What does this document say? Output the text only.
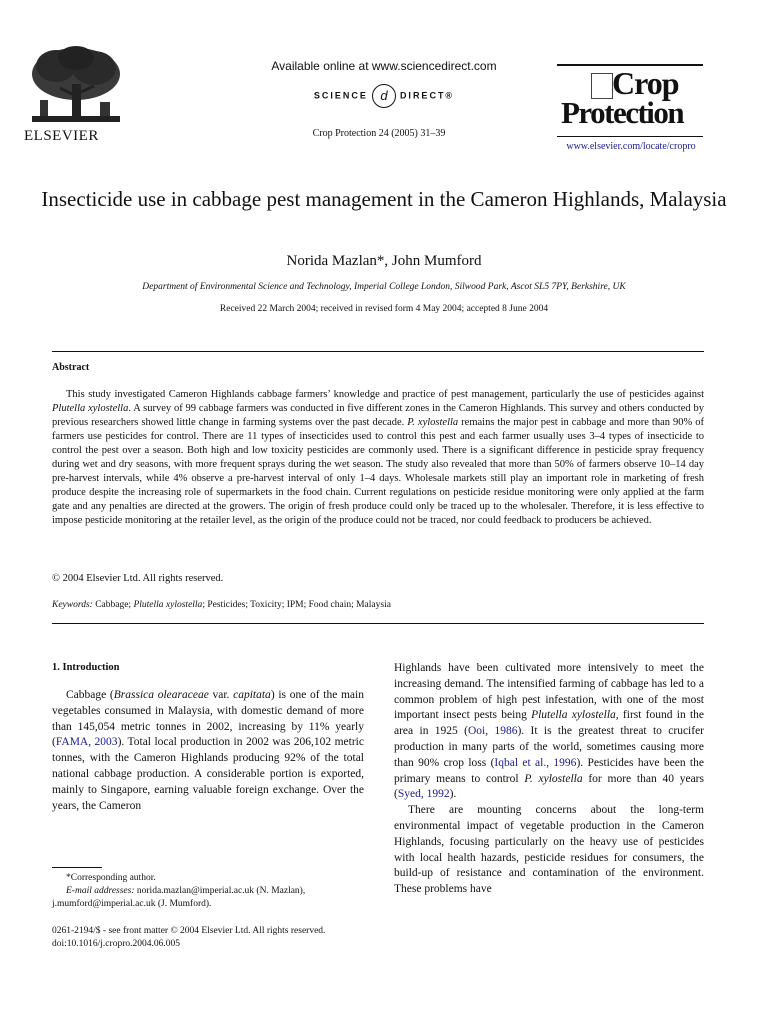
ELSEVIER
Available online at www.sciencedirect.com
SCIENCE d DIRECT®
Crop Protection 24 (2005) 31–39
Crop
Protection
www.elsevier.com/locate/cropro
Insecticide use in cabbage pest management in the Cameron Highlands, Malaysia
Norida Mazlan*, John Mumford
Department of Environmental Science and Technology, Imperial College London, Silwood Park, Ascot SL5 7PY, Berkshire, UK
Received 22 March 2004; received in revised form 4 May 2004; accepted 8 June 2004
Abstract

This study investigated Cameron Highlands cabbage farmers’ knowledge and practice of pest management, particularly the use of pesticides against Plutella xylostella. A survey of 99 cabbage farmers was conducted in five different zones in the Cameron Highlands. This survey and others conducted by previous researchers showed little change in farming systems over the past decade. P. xylostella remains the major pest in cabbage and more than 90% of farmers use pesticides for control. There are 11 types of insecticides used to control this pest and each farmer usually uses 3–4 types of insecticide to control the pest over a season. Both high and low toxicity pesticides are commonly used. There is a significant difference in pesticide spray frequency during wet and dry seasons, with more frequent sprays during the wet season. The study also revealed that more than 50% of farmers observe 10–14 day pre-harvest intervals, while 4% observe a pre-harvest interval of only 1–4 days. Wholesale markets still play an important role in marketing of fresh produce despite the increasing role of supermarkets in the food chain. Current regulations on pesticide residue monitoring were only applied at the farm gate and any penalties are directed at the growers. The origin of fresh produce could only be traced up to the wholesaler. Therefore, it is less effective to impose pesticide monitoring at the retailer level, as the origin of the produce could not be traced, nor could feedback to producers be achieved.

© 2004 Elsevier Ltd. All rights reserved.
Keywords: Cabbage; Plutella xylostella; Pesticides; Toxicity; IPM; Food chain; Malaysia
1. Introduction

Cabbage (Brassica olearaceae var. capitata) is one of the main vegetables consumed in Malaysia, with domestic demand of more than 145,054 metric tonnes in 2002, increasing by 11% yearly (FAMA, 2003). Total local production in 2002 was 206,102 metric tonnes, with the Cameron Highlands producing 92% of the total national cabbage production. A considerable portion is exported, mainly to Singapore, earning valuable foreign exchange. Over the years, the Cameron

Highlands have been cultivated more intensively to meet the increasing demand. The intensified farming of cabbage has led to a common problem of high pest infestation, with one of the most important insect pests being Plutella xylostella, first found in the area in 1925 (Ooi, 1986). It is the greatest threat to crucifer production in many parts of the world, sometimes causing more than 90% crop loss (Iqbal et al., 1996). Pesticides have been the primary means to control P. xylostella for more than 40 years (Syed, 1992).

There are mounting concerns about the long-term environmental impact of vegetable production in the Cameron Highlands, focusing particularly on the heavy use of pesticides with local health hazards, pesticide residues for consumers, the build-up of resistance and contamination of the environment. These problems have

*Corresponding author.
E-mail addresses: norida.mazlan@imperial.ac.uk (N. Mazlan),
j.mumford@imperial.ac.uk (J. Mumford).
0261-2194/$ - see front matter © 2004 Elsevier Ltd. All rights reserved.
doi:10.1016/j.cropro.2004.06.005
